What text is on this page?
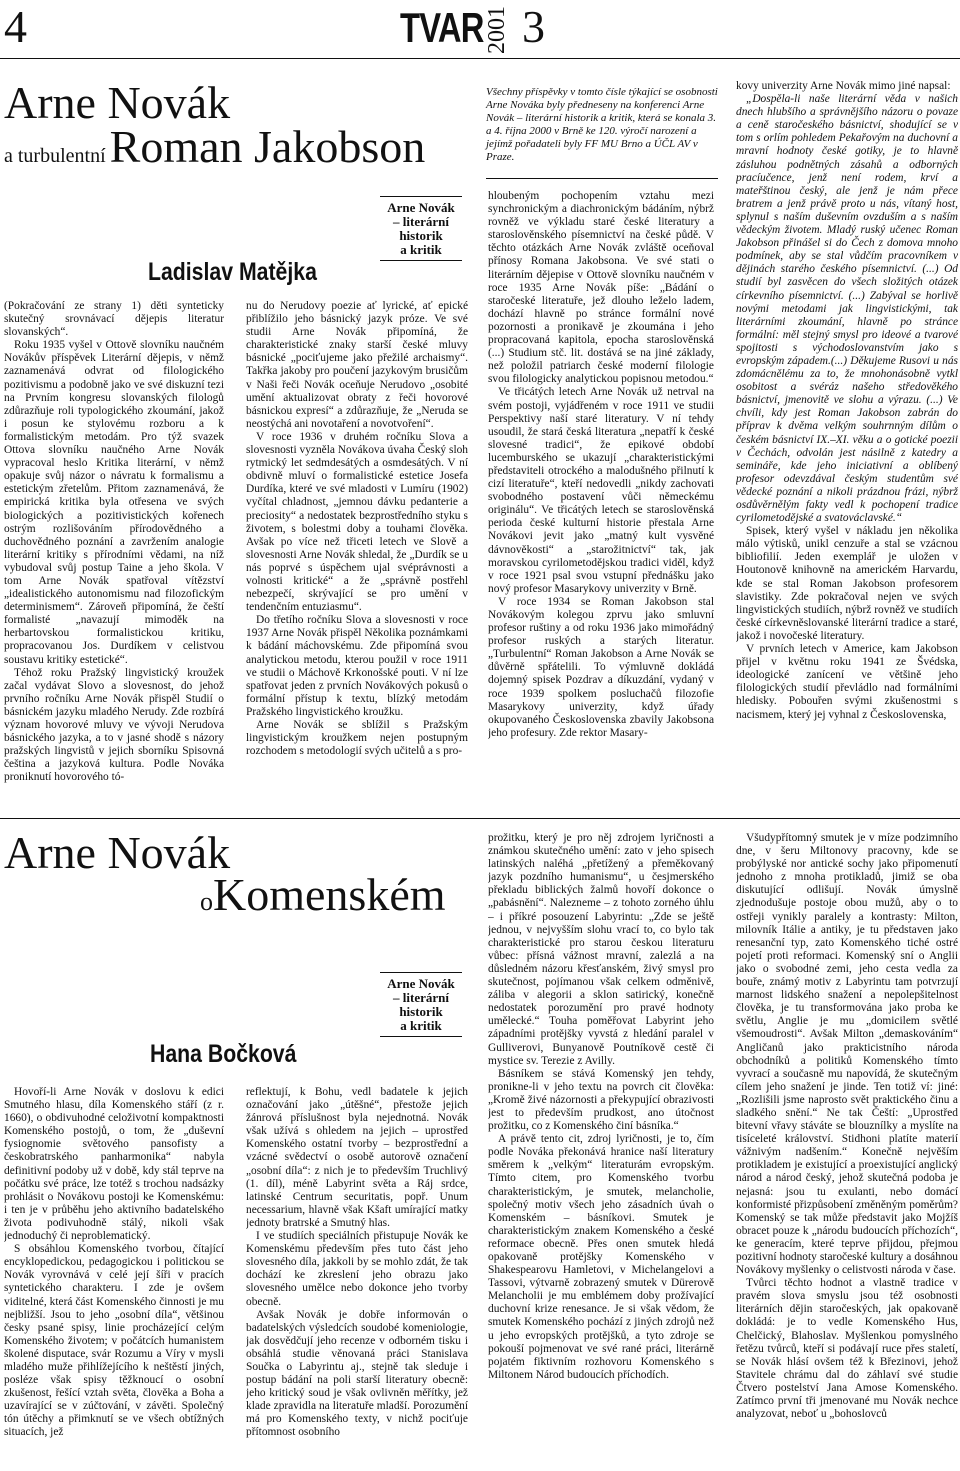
4	TVAR 2001 3
Arne Novák
a turbulentní Roman Jakobson
Ladislav Matějka
Arne Novák
– literární
historik
a kritik
Všechny příspěvky v tomto čísle týkající se osobnosti Arne Nováka byly předneseny na konferenci Arne Novák – literární historik a kritik, která se konala 3. a 4. října 2000 v Brně ke 120. výročí narození a jejímž pořadateli byly FF MU Brno a ÚČL AV v Praze.

(Pokračování ze strany 1) děti synteticky skutečný srovnávací dějepis literatur slovanských“.

Roku 1935 vyšel v Ottově slovníku naučném Novákův příspěvek Literární dějepis, v němž zaznamenává odvrat od filologického pozitivismu a podobně jako ve své diskuzní tezi na Prvním kongresu slovanských filologů zdůrazňuje roli typologického zkoumání, jakož i posun ke stylovému rozboru a k formalistickým metodám. Pro týž svazek Ottova slovníku naučného Arne Novák vypracoval heslo Kritika literární, v němž opakuje svůj názor o návratu k formalismu a estetickým zřetelům. Přitom zaznamenává, že empirická kritika byla otřesena ve svých biologických a pozitivistických kořenech ostrým rozlišováním přírodovědného a duchovědného poznání a zavržením analogie literární kritiky s přírodními vědami, na níž vybudoval svůj postup Taine a jeho škola. V tom Arne Novák spatřoval vítězství „idealistického autonomismu nad filozofickým determinismem“. Zároveň připomíná, že čeští formalisté „navazují mimoděk na herbartovskou formalistickou kritiku, propracovanou Jos. Durdíkem v celistvou soustavu kritiky estetické“.

Téhož roku Pražský lingvistický kroužek začal vydávat Slovo a slovesnost, do jehož prvního ročníku Arne Novák přispěl Studií o básnickém jazyku mladého Nerudy. Zde rozbírá význam hovorové mluvy ve vývoji Nerudova básnického jazyka, a to v jasné shodě s názory pražských lingvistů v jejich sborníku Spisovná čeština a jazyková kultura. Podle Nováka proniknutí hovorového tó-

nu do Nerudovy poezie ať lyrické, ať epické přiblížilo jeho básnický jazyk próze. Ve své studii Arne Novák připomíná, že charakteristické znaky starší české mluvy básnické „pociťujeme jako přežilé archaismy“. Takřka jakoby pro poučení jazykovým brusičům v Naši řeči Novák oceňuje Nerudovo „osobité umění aktualizovat obraty z řeči hovorové básnickou expresí“ a zdůrazňuje, že „Neruda se neostýchá ani novotaření a novotvoření“.

V roce 1936 v druhém ročníku Slova a slovesnosti vyzněla Novákova úvaha Český sloh rytmický let sedmdesátých a osmdesátých. V ní obdivně mluví o formalistické estetice Josefa Durdíka, které ve své mladosti v Lumíru (1902) vyčítal chladnost, „jemnou dávku pedanterie a preciosity“ a nedostatek bezprostředního styku s životem, s bolestmi doby a touhami člověka. Avšak po více než třiceti letech ve Slově a slovesnosti Arne Novák shledal, že „Durdík se u nás poprvé s úspěchem ujal svéprávnosti a volnosti kritické“ a že „správně postřehl nebezpečí, skrývající se pro umění v tendenčním entuziasmu“.

Do třetího ročníku Slova a slovesnosti v roce 1937 Arne Novák přispěl Několika poznámkami k bádání máchovskému. Zde připomíná svou analytickou metodu, kterou použil v roce 1911 ve studii o Máchově Krkonošské pouti. V ní lze spatřovat jeden z prvních Novákových pokusů o formální přístup k textu, blízký metodám Pražského lingvistického kroužku.

Arne Novák se sblížil s Pražským lingvistickým kroužkem nejen postupným rozchodem s metodologií svých učitelů a s pro-

hloubeným pochopením vztahu mezi synchronickým a diachronickým bádáním, nýbrž rovněž ve výkladu staré české literatury a staroslověnského písemnictví na české půdě. V těchto otázkách Arne Novák zvláště oceňoval přínosy Romana Jakobsona. Ve své stati o literárním dějepise v Ottově slovníku naučném v roce 1935 Arne Novák píše: „Bádání o staročeské literatuře, jež dlouho leželo ladem, dochází hlavně po stránce formální nové pozornosti a pronikavě je zkoumána i jeho propracovaná kapitola, epocha staroslověnská (...) Studium stč. lit. dostává se na jiné základy, než položil patriarch české moderní filologie svou filologicky analytickou popisnou metodou.“

Ve třicátých letech Arne Novák už netrval na svém postoji, vyjádřeném v roce 1911 ve studii Perspektivy naší staré literatury. V ní tehdy usoudil, že stará česká literatura „nepatří k české slovesné tradici“, že epikové období lucemburského se ukazují „charakteristickými představiteli otrockého a malodušného přilnutí k cizí literatuře“, kteří nedovedli „nikdy zachovati svobodného postavení vůči německému originálu“. Ve třicátých letech se staroslověnská perioda české kulturní historie přestala Arne Novákovi jevit jako „matný kult vysvěné dávnověkosti“ a „starožitnictví“ tak, jak moravskou cyrilometodějskou tradici viděl, když v roce 1921 psal svou vstupní přednášku jako nový profesor Masarykovy univerzity v Brně.

V roce 1934 se Roman Jakobson stal Novákovým kolegou zprvu jako smluvní profesor ruštiny a od roku 1936 jako mimořádný profesor ruských a starých literatur. „Turbulentní“ Roman Jakobson a Arne Novák se důvěrně spřátelili. To výmluvně dokládá dojemný spisek Pozdrav a díkuzdání, vydaný v roce 1939 spolkem posluchačů filozofie Masarykovy univerzity, když úřady okupovaného Československa zbavily Jakobsona jeho profesury. Zde rektor Masary-

kovy univerzity Arne Novák mimo jiné napsal:

„Dospěla-li naše literární věda v našich dnech hlubšího a správnějšího názoru o povaze a ceně staročeského básnictví, shodující se v tom s orlím pohledem Pekařovým na duchovní a mravní hodnoty české gotiky, je to hlavně zásluhou podnětných zásahů a odborných pracíučence, jenž není rodem, krví a mateřštinou český, ale jenž je nám přece bratrem a jenž právě proto u nás, vítaný host, splynul s naším duševním ovzduším a s naším vědeckým životem. Mladý ruský učenec Roman Jakobson přinášel si do Čech z domova mnoho podmínek, aby se stal vůdčím pracovníkem v dějinách starého českého písemnictví. (...) Od studií byl zasvěcen do všech složitých otázek církevního písemnictví. (...) Zabýval se horlivě novými metodami jak lingvistickými, tak literárními zkoumání, hlavně po stránce formální: měl stejný smysl pro ideové a tvarové spojitosti s východoslovanstvím jako s evropským západem.(...) Děkujeme Rusovi u nás zdomácnělému za to, že mnohonásobně vytkl osobitost a svéráz našeho středověkého básnictví, jmenovitě ve slohu a výrazu. (...) Ve chvíli, kdy jest Roman Jakobson zabrán do příprav k dvěma velkým souhrnným dílům o českém básnictví IX.–XI. věku a o gotické poezii v Čechách, odvolán jest násilně z katedry a semináře, kde jeho iniciativní a oblíbený profesor odevzdával českým studentům své vědecké poznání a nikoli prázdnou frázi, nýbrž osdůvěrnělým fakty vedl k pochopení tradice cyrilometodějské a svatováclavské.“

Spisek, který vyšel v nákladu jen několika málo výtisků, unikl cenzuře a stal se vzácnou bibliofilií. Jeden exemplář je uložen v Houtonově knihovně na americkém Harvardu, kde se stal Roman Jakobson profesorem slavistiky. Zde pokračoval nejen ve svých lingvistických studiích, nýbrž rovněž ve studiích české církevněslovanské literární tradice a staré, jakož i novočeské literatury.

V prvních letech v Americe, kam Jakobson přijel v květnu roku 1941 ze Švédska, ideologické zanícení ve většině jeho filologických studií převládlo nad formálními hledisky. Pobouřen svými zkušenostmi s nacismem, který jej vyhnal z Československa,

Arne Novák
oKomenském
Hana Bočková
Arne Novák
– literární
historik
a kritik

Hovoří-li Arne Novák v doslovu k edici Smutného hlasu, díla Komenského stáří (z r. 1660), o obdivuhodné celoživotní kompaktnosti Komenského postojů, o tom, že „duševní fysiognomie světového pansofisty a českobratrského panharmonika“ nabyla definitivní podoby už v době, kdy stál teprve na počátku své práce, lze totéž s trochou nadsázky prohlásit o Novákovu postoji ke Komenskému: i ten je v průběhu jeho aktivního badatelského života podivuhodně stálý, nikoli však jednoduchý či neproblematický.

S obsáhlou Komenského tvorbou, čítající encyklopedickou, pedagogickou i politickou se Novák vyrovnává v celé její šíři v pracích syntetického charakteru. I zde je ovšem viditelné, která část Komenského činnosti je mu nejbližší. Jsou to jeho „osobní díla“, většinou česky psané spisy, linie procházející celým Komenského životem; v počátcích humanistem školené disputace, svár Rozumu a Víry v mysli mladého muže přihlížejícího k neštěstí jiných, posléze však spisy těžknoucí o osobní zkušenost, řešící vztah světa, člověka a Boha a uzavírající se v zúčtování, v závěti. Společný tón útěchy a přimknutí se ve všech obtížných situacích, jež

reflektují, k Bohu, vedl badatele k jejich označování jako „útěšné“, přestože jejich žánrová příslušnost byla nejednotná. Novák však užívá s ohledem na jejich – uprostřed Komenského ostatní tvorby – bezprostřední a vzácné svědectví o osobě autorově označení „osobní díla“: z nich je to především Truchlivý (1. díl), méně Labyrint světa a Ráj srdce, latinské Centrum securitatis, popř. Unum necessarium, hlavně však Kšaft umírající matky jednoty bratrské a Smutný hlas.

I ve studiích speciálních přistupuje Novák ke Komenskému především přes tuto část jeho slovesného díla, jakkoli by se mohlo zdát, že tak dochází ke zkreslení jeho obrazu jako slovesného umělce nebo dokonce jeho tvorby obecně.

Avšak Novák je dobře informován o badatelských výsledcích soudobé komeniologie, jak dosvědčují jeho recenze v odborném tisku i obsáhlá studie věnovaná práci Stanislava Součka o Labyrintu aj., stejně tak sleduje i postup bádání na poli starší literatury obecně: jeho kritický soud je však ovlivněn měřítky, jež klade zpravidla na literatuře mladší. Porozumění má pro Komenského texty, v nichž pociťuje přítomnost osobního

prožitku, který je pro něj zdrojem lyričnosti a známkou skutečného umění: zato v jeho spisech latinských naléhá „přetížený a přeměkovaný jazyk pozdního humanismu“, u česjmerského překladu biblických žalmů hovoří dokonce o „pabásnění“. Nalezneme – z tohoto zorného úhlu – i příkré posouzení Labyrintu: „Zde se ještě jednou, v nejvyšším slohu vrací to, co bylo tak charakteristické pro starou českou literaturu vůbec: přísná vážnost mravní, zalezlá a na důsledném názoru křesťanském, živý smysl pro skutečnost, pojímanou však celkem odměnivě, záliba v alegorii a sklon satirický, konečně nedostatek porozumění pro pravé hodnoty umělecké.“ Touha poměřovat Labyrint jeho západními protějšky vyvstá z hledání paralel v Gulliverovi, Bunyanově Poutníkově cestě či mystice sv. Terezie z Avilly.

Básníkem se stává Komenský jen tehdy, proniknе-li v jeho textu na povrch cit člověka: „Kromě živé názornosti a překypující obrazivosti jest to především prudkost, ano útočnost prožitku, co z Komenského činí básníka.“

A právě tento cit, zdroj lyričnosti, je to, čím podle Nováka překonává hranice naší literatury směrem k „velkým“ literaturám evropským. Tímto citem, pro Komenského tvorbu charakteristickým, je smutek, melancholie, společný motiv všech jeho zásadních úvah o Komenském – básníkovi. Smutek je charakteristickým znakem Komenského a české reformace obecně. Přes onen smutek hledá opakovaně protějšky Komenského v Shakespearovu Hamletovi, v Michelangelovi a Tassovi, výtvarně zobrazený smutek v Dürerově Melancholii je mu emblémem doby prožívající duchovní krize renesance. Je si však vědom, že smutek Komenského pochází z jiných zdrojů než u jeho evropských protějšků, a tyto zdroje se pokouší pojmenovat ve své rané práci, literárně pojatém fiktivním rozhovoru Komenského s Miltonem Národ budoucích příchodích.

Všudypřítomný smutek je v míze podzimního dne, v šeru Miltonovy pracovny, kde se probýlyské nor antické sochy jako připomenutí jednoho z mnoha protikladů, jimiž se oba diskutující odlišují. Novák úmyslně zjednodušuje postoje obou mužů, aby o to ostřeji vynikly paralely a kontrasty: Milton, milovník Itálie a antiky, je tu představen jako renesanční typ, zato Komenského tiché ostré pojetí proti reformaci. Komenský sní o Anglii jako o svobodné zemi, jeho cesta vedla za bouře, známý motiv z Labyrintu tam potvrzují marnost lidského snažení a nepolepšitelnost člověka, je tu transformována jako proba ke světlu, Anglie je mu „domicilem světlé všemoudrosti“. Avšak Milton „demaskováním“ Angličanů jako prakticistního národa obchodníků a politiků Komenského tímto vyvrací a současně mu napovídá, že skutečným cílem jeho snažení je jinde. Ten totiž ví: jiné: „Rozlišili jsme naprosto svět praktického činu a sladkého snění.“ Ne tak Čeští: „Uprostřed bitevní vřavy stáváte se blouznílky a myslíte na tisíceleté království. Stidhoni platíte materií vážnivým nadšením.“ Konečně nejvěším protikladem je existující a proexistující anglický národ a národ český, jehož skutečná podoba je nejasná: jsou tu exulanti, nebo domácí konformisté přizpůsobení změněným poměrům? Komenský se tak může představit jako Mojžíš obracet pouze k „národu budoucích příchozích“, ke generacím, které teprve přijdou, přejmou pozitivní hodnoty staročeské kultury a dosáhnou Novákovy myšlenky o celistvosti národa v čase.

Tvůrci těchto hodnot a vlastně tradice v pravém slova smyslu jsou též osobnosti literárních dějin staročeských, jak opakovaně dokládá: je to vedle Komenského Hus, Chelčický, Blahoslav. Myšlenkou pomyslného řetězu tvůrců, kteří si podávají ruce přes staletí, se Novák hlásí ovšem též k Březinovi, jehož Stavitele chrámu dal do záhlaví své studie Čtvero postelství Jana Amose Komenského. Zatímco první tři jmenované mu Novák nechce analyzovat, neboť u „bohoslovců
